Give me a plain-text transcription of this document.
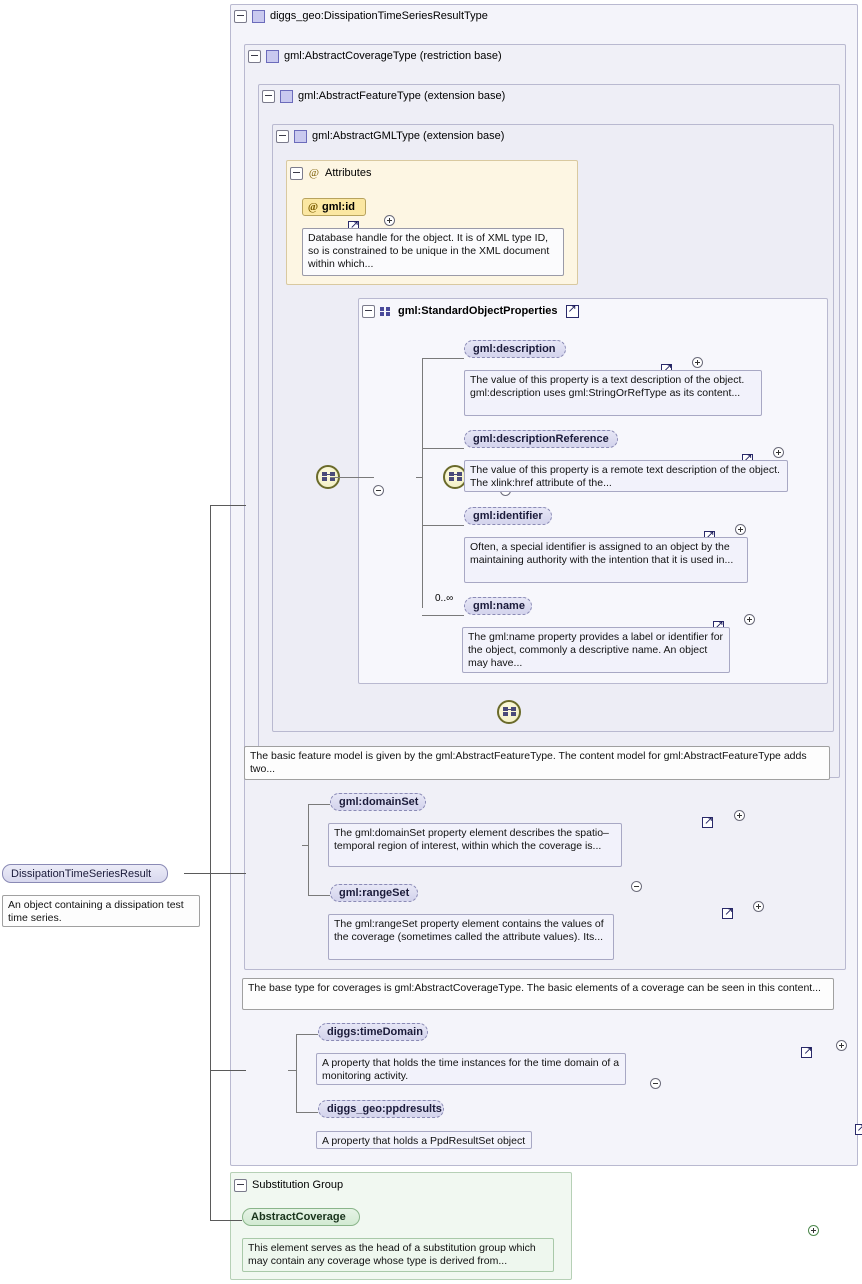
diggs_geo:DissipationTimeSeriesResultType
gml:AbstractCoverageType (restriction base)
gml:AbstractFeatureType (extension base)
gml:AbstractGMLType (extension base)
@ Attributes
gml:StandardObjectProperties
↗
Substitution Group
@ gml:id
↗
Database handle for the object. It is of XML type ID, so is constrained to be unique in the XML document within which...

gml:description
↗
The value of this property is a text description of the object. gml:description uses gml:StringOrRefType as its content...
gml:descriptionReference
↗
The value of this property is a remote text description of the object. The xlink:href attribute of the...
gml:identifier
↗
Often, a special identifier is assigned to an object by the maintaining authority with the intention that it is used in...
0..∞
gml:name
↗
The gml:name property provides a label or identifier for the object, commonly a descriptive name. An object may have...

The basic feature model is given by the gml:AbstractFeatureType. The content model for gml:AbstractFeatureType adds two...

gml:domainSet
↗
The gml:domainSet property element describes the spatio–temporal region of interest, within which the coverage is...
gml:rangeSet
↗
The gml:rangeSet property element contains the values of the coverage (sometimes called the attribute values). Its...
The base type for coverages is gml:AbstractCoverageType. The basic elements of a coverage can be seen in this content...

diggs:timeDomain
↗
A property that holds the time instances for the time domain of a monitoring activity.
diggs_geo:ppdresults
↗
A property that holds a PpdResultSet object
AbstractCoverage

This element serves as the head of a substitution group which may contain any coverage whose type is derived from...
DissipationTimeSeriesResult
An object containing a dissipation test time series.
